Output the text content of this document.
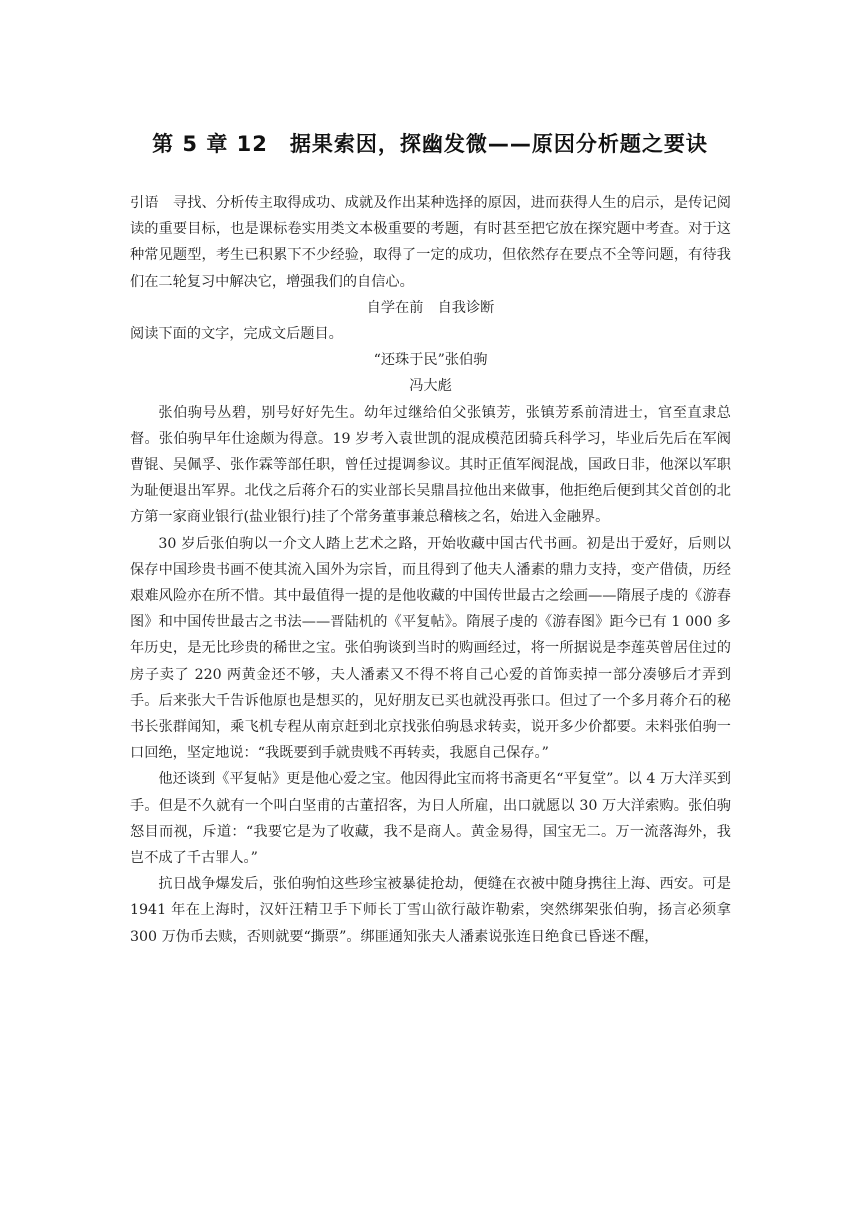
第 5 章 12　据果索因，探幽发微——原因分析题之要诀

引语　寻找、分析传主取得成功、成就及作出某种选择的原因，进而获得人生的启示，是传记阅读的重要目标，也是课标卷实用类文本极重要的考题，有时甚至把它放在探究题中考查。对于这种常见题型，考生已积累下不少经验，取得了一定的成功，但依然存在要点不全等问题，有待我们在二轮复习中解决它，增强我们的自信心。

自学在前　自我诊断

阅读下面的文字，完成文后题目。

“还珠于民”张伯驹

冯大彪

张伯驹号丛碧，别号好好先生。幼年过继给伯父张镇芳，张镇芳系前清进士，官至直隶总督。张伯驹早年仕途颇为得意。19 岁考入袁世凯的混成模范团骑兵科学习，毕业后先后在军阀曹锟、吴佩孚、张作霖等部任职，曾任过提调参议。其时正值军阀混战，国政日非，他深以军职为耻便退出军界。北伐之后蒋介石的实业部长吴鼎昌拉他出来做事，他拒绝后便到其父首创的北方第一家商业银行(盐业银行)挂了个常务董事兼总稽核之名，始进入金融界。

30 岁后张伯驹以一介文人踏上艺术之路，开始收藏中国古代书画。初是出于爱好，后则以保存中国珍贵书画不使其流入国外为宗旨，而且得到了他夫人潘素的鼎力支持，变产借债，历经艰难风险亦在所不惜。其中最值得一提的是他收藏的中国传世最古之绘画——隋展子虔的《游春图》和中国传世最古之书法——晋陆机的《平复帖》。隋展子虔的《游春图》距今已有 1 000 多年历史，是无比珍贵的稀世之宝。张伯驹谈到当时的购画经过，将一所据说是李莲英曾居住过的房子卖了 220 两黄金还不够，夫人潘素又不得不将自己心爱的首饰卖掉一部分凑够后才弄到手。后来张大千告诉他原也是想买的，见好朋友已买也就没再张口。但过了一个多月蒋介石的秘书长张群闻知，乘飞机专程从南京赶到北京找张伯驹恳求转卖，说开多少价都要。未料张伯驹一口回绝，坚定地说：“我既要到手就贵贱不再转卖，我愿自己保存。”

他还谈到《平复帖》更是他心爱之宝。他因得此宝而将书斋更名“平复堂”。以 4 万大洋买到手。但是不久就有一个叫白坚甫的古董招客，为日人所雇，出口就愿以 30 万大洋索购。张伯驹怒目而视，斥道：“我要它是为了收藏，我不是商人。黄金易得，国宝无二。万一流落海外，我岂不成了千古罪人。”

抗日战争爆发后，张伯驹怕这些珍宝被暴徒抢劫，便缝在衣被中随身携往上海、西安。可是 1941 年在上海时，汉奸汪精卫手下师长丁雪山欲行敲诈勒索，突然绑架张伯驹，扬言必须拿 300 万伪币去赎，否则就要“撕票”。绑匪通知张夫人潘素说张连日绝食已昏迷不醒，
